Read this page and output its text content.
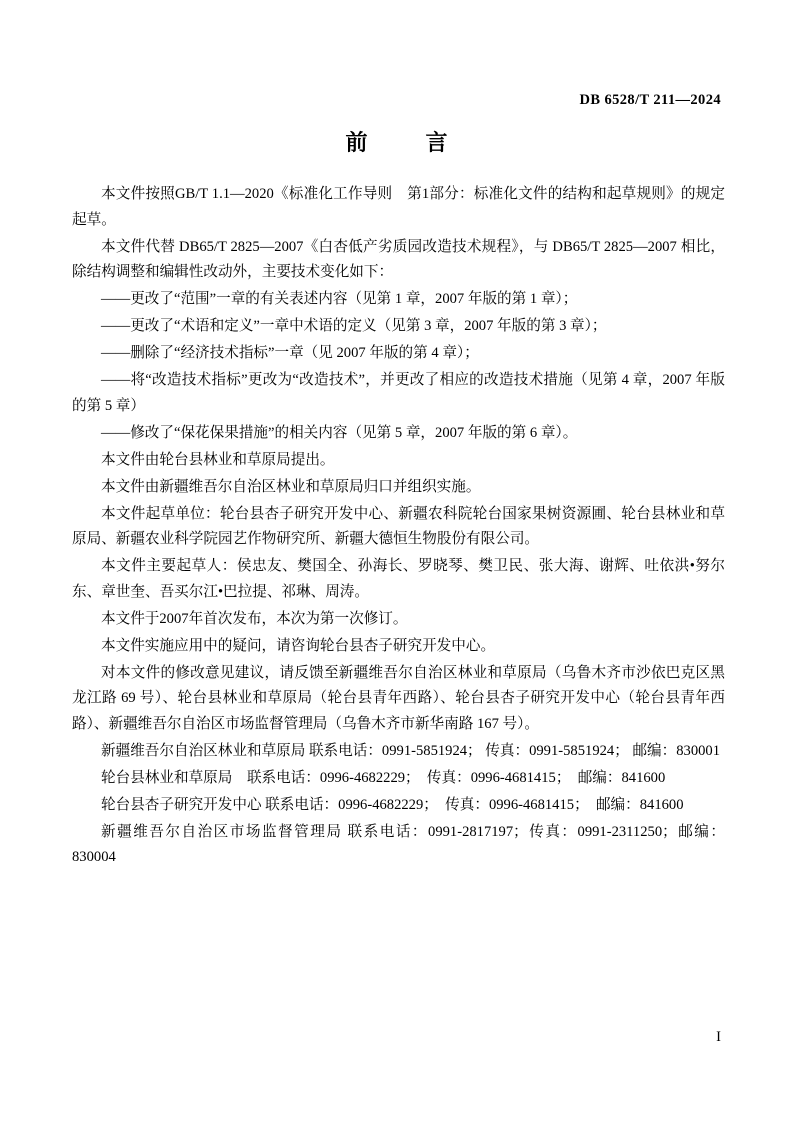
DB 6528/T 211—2024
前　言

本文件按照GB/T 1.1—2020《标准化工作导则　第1部分：标准化文件的结构和起草规则》的规定起草。

本文件代替 DB65/T 2825—2007《白杏低产劣质园改造技术规程》，与 DB65/T 2825—2007 相比，除结构调整和编辑性改动外，主要技术变化如下：

——更改了“范围”一章的有关表述内容（见第 1 章，2007 年版的第 1 章）；

——更改了“术语和定义”一章中术语的定义（见第 3 章，2007 年版的第 3 章）；

——删除了“经济技术指标”一章（见 2007 年版的第 4 章）；

——将“改造技术指标”更改为“改造技术”，并更改了相应的改造技术措施（见第 4 章，2007 年版的第 5 章）

——修改了“保花保果措施”的相关内容（见第 5 章，2007 年版的第 6 章）。

本文件由轮台县林业和草原局提出。

本文件由新疆维吾尔自治区林业和草原局归口并组织实施。

本文件起草单位：轮台县杏子研究开发中心、新疆农科院轮台国家果树资源圃、轮台县林业和草原局、新疆农业科学院园艺作物研究所、新疆大德恒生物股份有限公司。

本文件主要起草人：侯忠友、樊国全、孙海长、罗晓琴、樊卫民、张大海、谢辉、吐依洪•努尔东、章世奎、吾买尔江•巴拉提、祁琳、周涛。

本文件于2007年首次发布，本次为第一次修订。

本文件实施应用中的疑问，请咨询轮台县杏子研究开发中心。

对本文件的修改意见建议，请反馈至新疆维吾尔自治区林业和草原局（乌鲁木齐市沙依巴克区黑龙江路 69 号）、轮台县林业和草原局（轮台县青年西路）、轮台县杏子研究开发中心（轮台县青年西路）、新疆维吾尔自治区市场监督管理局（乌鲁木齐市新华南路 167 号）。

新疆维吾尔自治区林业和草原局 联系电话：0991-5851924； 传真：0991-5851924； 邮编：830001

轮台县林业和草原局　联系电话：0996-4682229；　传真：0996-4681415；　邮编：841600

轮台县杏子研究开发中心 联系电话：0996-4682229；　传真：0996-4681415；　邮编：841600

新疆维吾尔自治区市场监督管理局 联系电话：0991-2817197；传真：0991-2311250；邮编：830004

I
